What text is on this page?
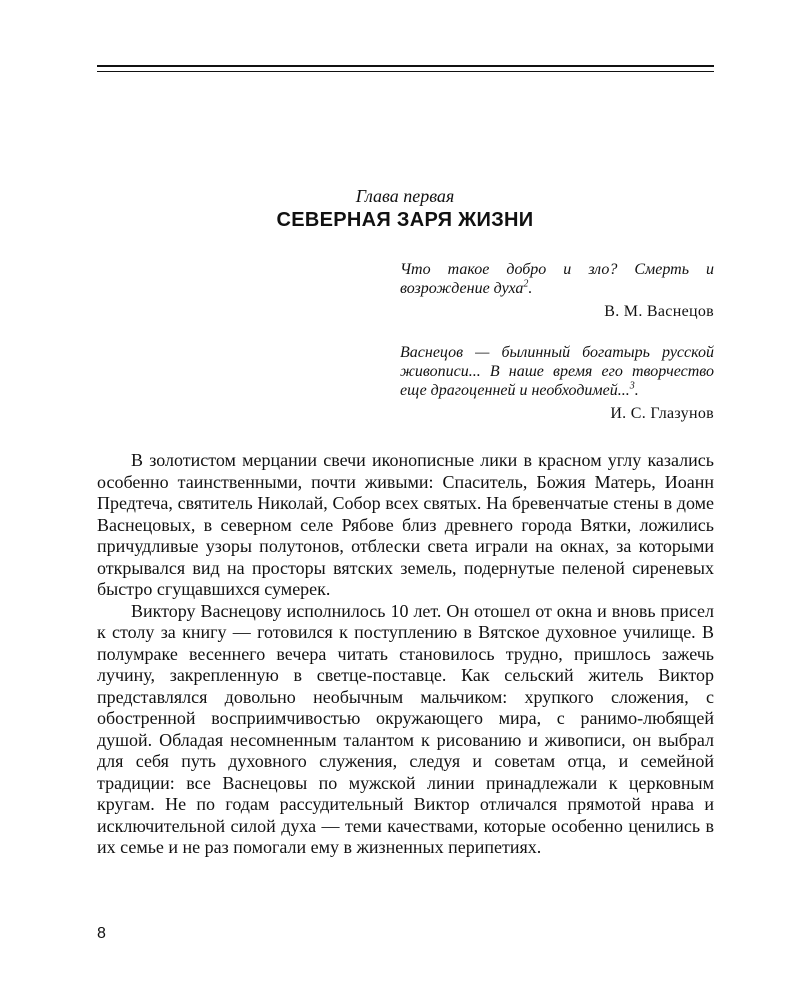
Глава первая
СЕВЕРНАЯ ЗАРЯ ЖИЗНИ
Что такое добро и зло? Смерть и возрождение духа$^2$.
В. М. Васнецов
Васнецов — былинный богатырь русской живописи... В наше время его творчество еще драгоценней и необходимей...$^3$.
И. С. Глазунов

В золотистом мерцании свечи иконописные лики в красном углу казались особенно таинственными, почти живыми: Спаситель, Божия Матерь, Иоанн Предтеча, святитель Николай, Собор всех святых. На бревенчатые стены в доме Васнецовых, в северном селе Рябове близ древнего города Вятки, ложились причудливые узоры полутонов, отблески света играли на окнах, за которыми открывался вид на просторы вятских земель, подернутые пеленой сиреневых быстро сгущавшихся сумерек.

Виктору Васнецову исполнилось 10 лет. Он отошел от окна и вновь присел к столу за книгу — готовился к поступлению в Вятское духовное училище. В полумраке весеннего вечера читать становилось трудно, пришлось зажечь лучину, закрепленную в светце-поставце. Как сельский житель Виктор представлялся довольно необычным мальчиком: хрупкого сложения, с обостренной восприимчивостью окружающего мира, с ранимо-любящей душой. Обладая несомненным талантом к рисованию и живописи, он выбрал для себя путь духовного служения, следуя и советам отца, и семейной традиции: все Васнецовы по мужской линии принадлежали к церковным кругам. Не по годам рассудительный Виктор отличался прямотой нрава и исключительной силой духа — теми качествами, которые особенно ценились в их семье и не раз помогали ему в жизненных перипетиях.

8
